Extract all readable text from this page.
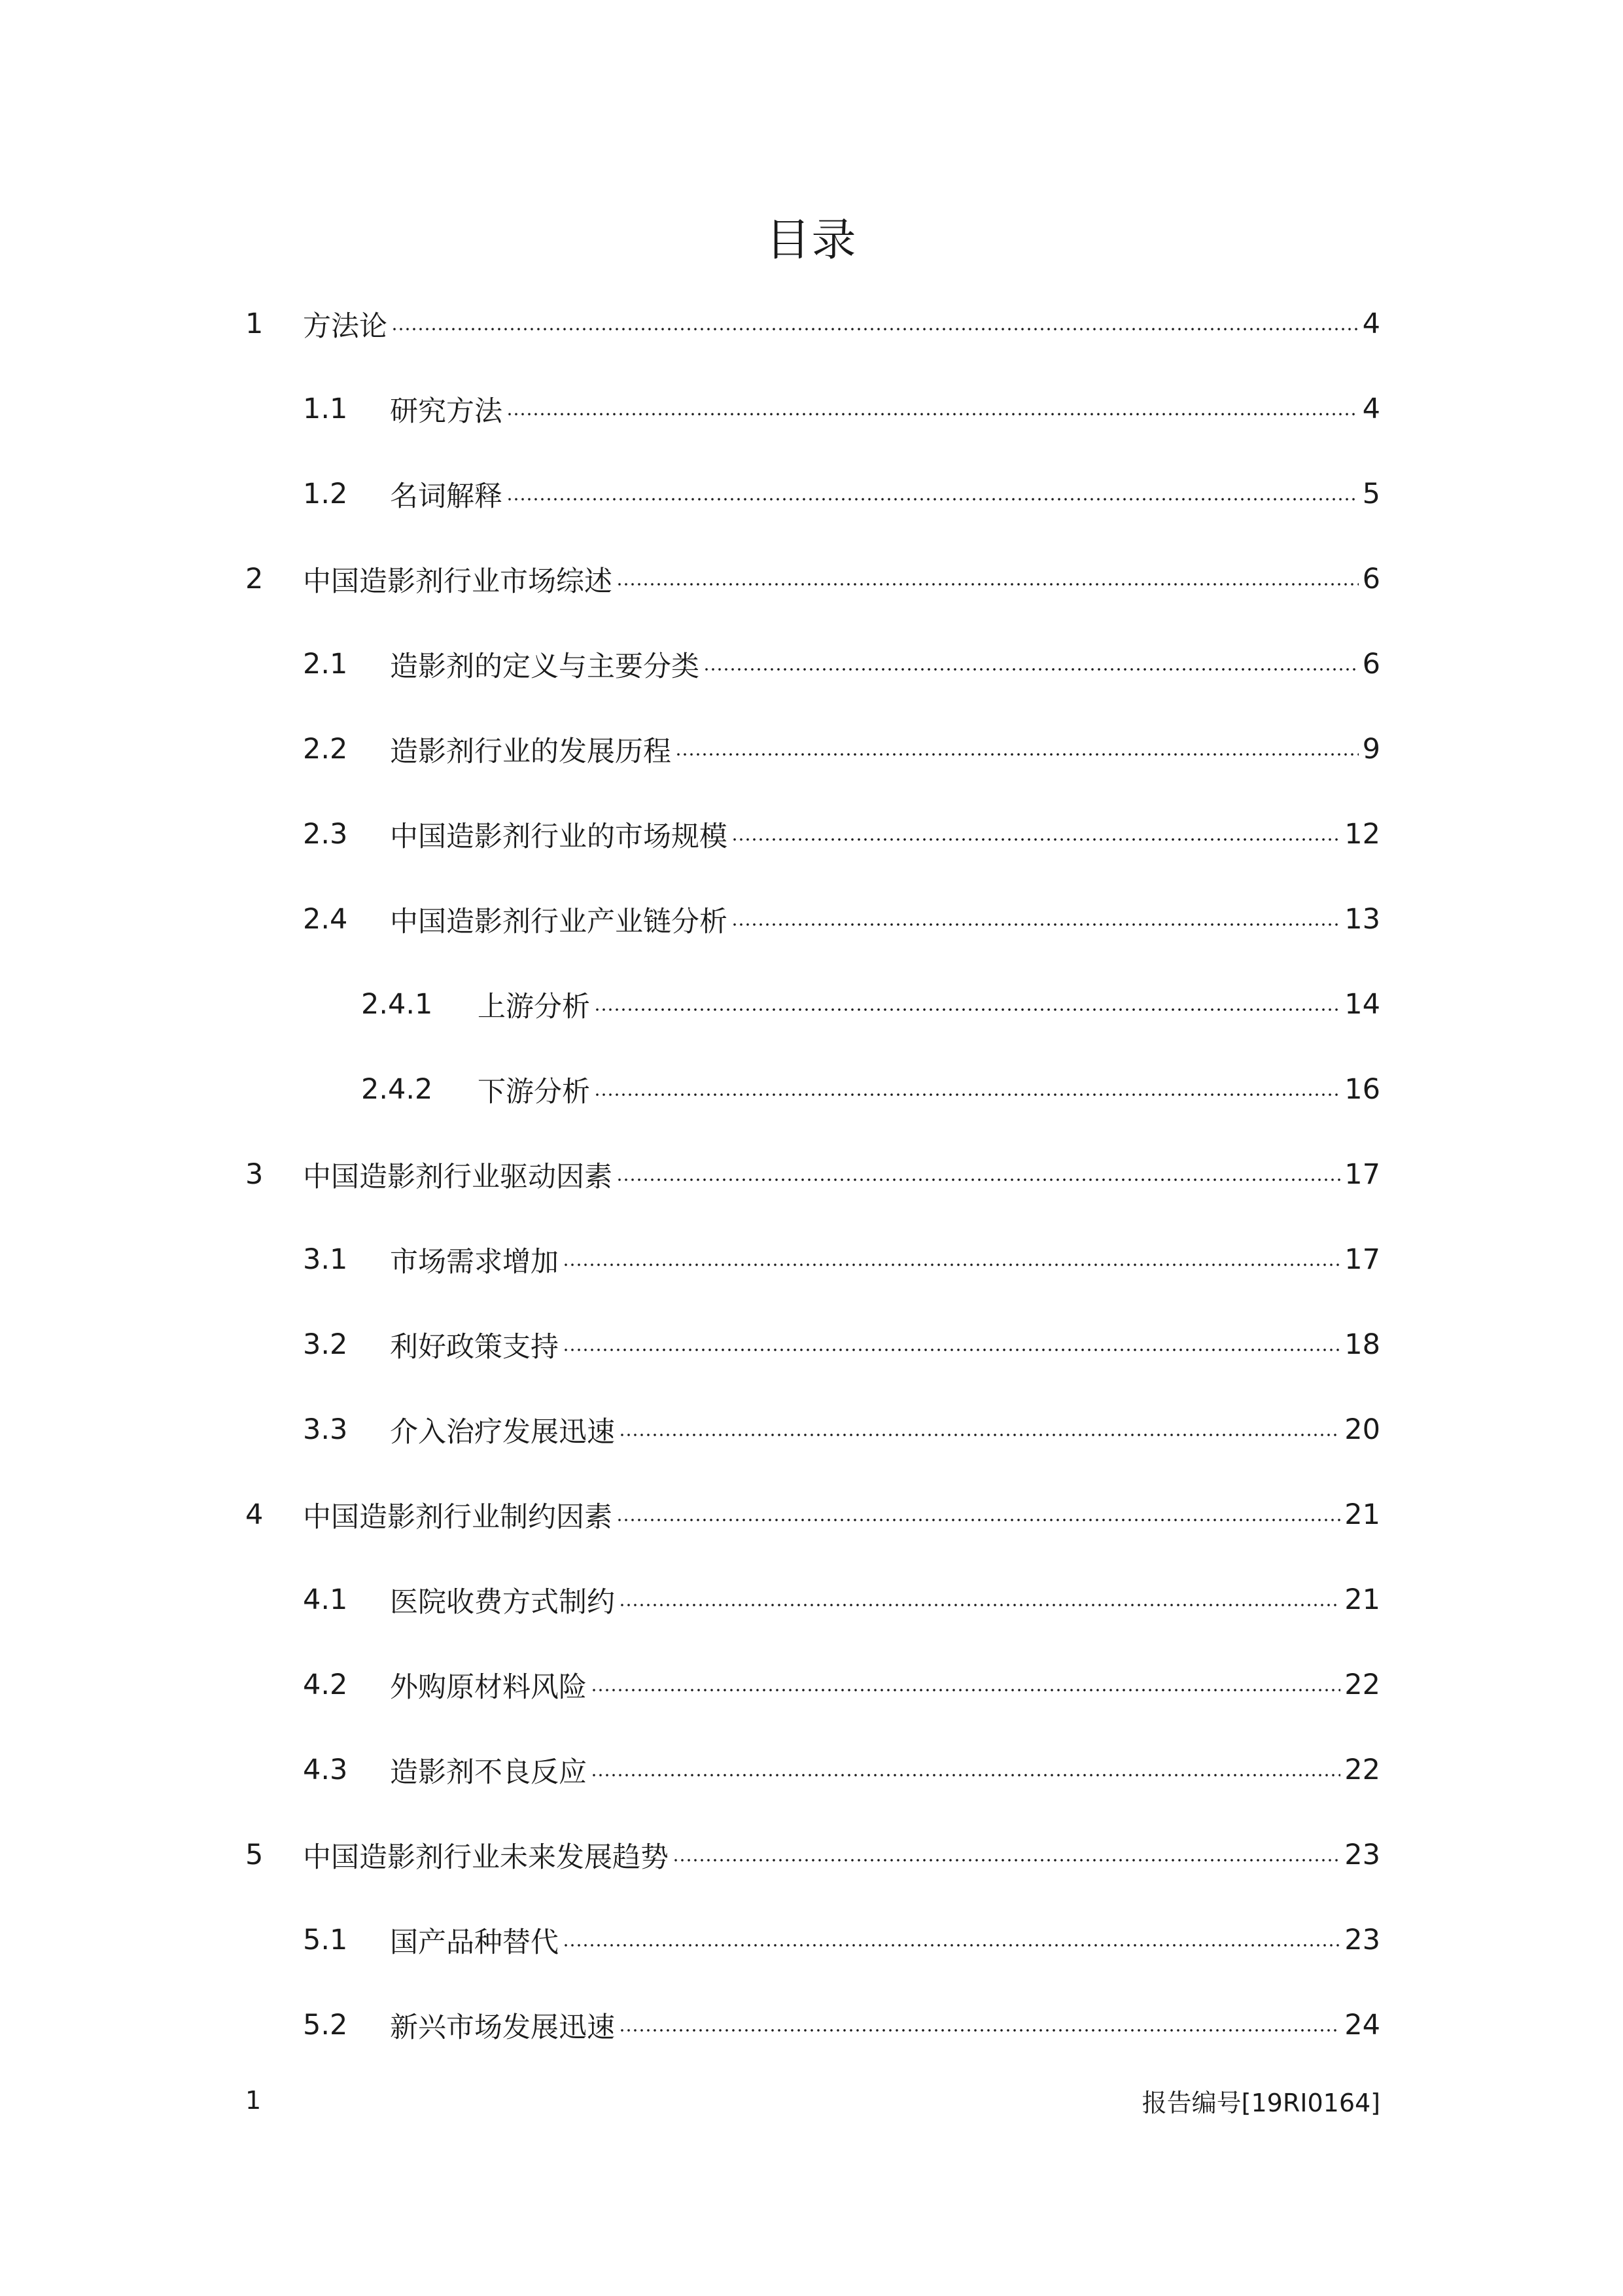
目录
1	方法论	4
1.1	研究方法	4
1.2	名词解释	5
2	中国造影剂行业市场综述	6
2.1	造影剂的定义与主要分类	6
2.2	造影剂行业的发展历程	9
2.3	中国造影剂行业的市场规模	12
2.4	中国造影剂行业产业链分析	13
2.4.1	上游分析	14
2.4.2	下游分析	16
3	中国造影剂行业驱动因素	17
3.1	市场需求增加	17
3.2	利好政策支持	18
3.3	介入治疗发展迅速	20
4	中国造影剂行业制约因素	21
4.1	医院收费方式制约	21
4.2	外购原材料风险	22
4.3	造影剂不良反应	22
5	中国造影剂行业未来发展趋势	23
5.1	国产品种替代	23
5.2	新兴市场发展迅速	24
1	报告编号[19RI0164]
